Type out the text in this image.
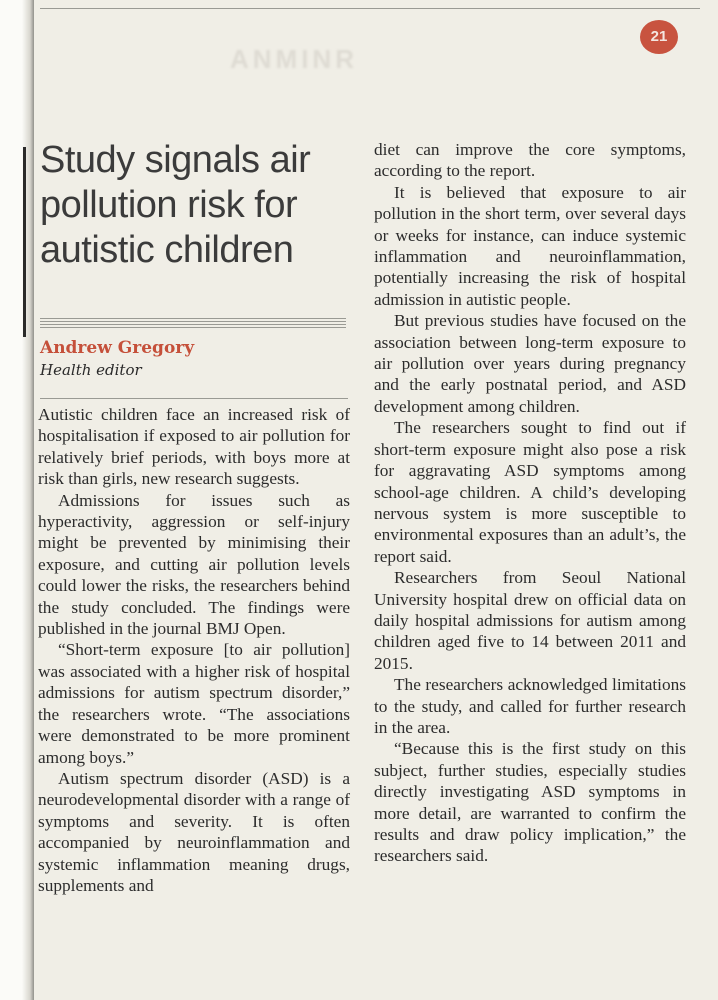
ANMINR
21
Study signals air pollution risk for autistic children
Andrew Gregory
Health editor

Autistic children face an increased risk of hospitalisation if exposed to air pollution for relatively brief periods, with boys more at risk than girls, new research suggests.

Admissions for issues such as hyperactivity, aggression or self-injury might be prevented by minimising their exposure, and cutting air pollution levels could lower the risks, the researchers behind the study concluded. The findings were published in the journal BMJ Open.

“Short-term exposure [to air pollution] was associated with a higher risk of hospital admissions for autism spectrum disorder,” the researchers wrote. “The associations were demonstrated to be more prominent among boys.”

Autism spectrum disorder (ASD) is a neurodevelopmental disorder with a range of symptoms and severity. It is often accompanied by neuroinflammation and systemic inflammation meaning drugs, supplements and

diet can improve the core symptoms, according to the report.

It is believed that exposure to air pollution in the short term, over several days or weeks for instance, can induce systemic inflammation and neuroinflammation, potentially increasing the risk of hospital admission in autistic people.

But previous studies have focused on the association between long-term exposure to air pollution over years during pregnancy and the early postnatal period, and ASD development among children.

The researchers sought to find out if short-term exposure might also pose a risk for aggravating ASD symptoms among school-age children. A child’s developing nervous system is more susceptible to environmental exposures than an adult’s, the report said.

Researchers from Seoul National University hospital drew on official data on daily hospital admissions for autism among children aged five to 14 between 2011 and 2015.

The researchers acknowledged limitations to the study, and called for further research in the area.

“Because this is the first study on this subject, further studies, especially studies directly investigating ASD symptoms in more detail, are warranted to confirm the results and draw policy implication,” the researchers said.
